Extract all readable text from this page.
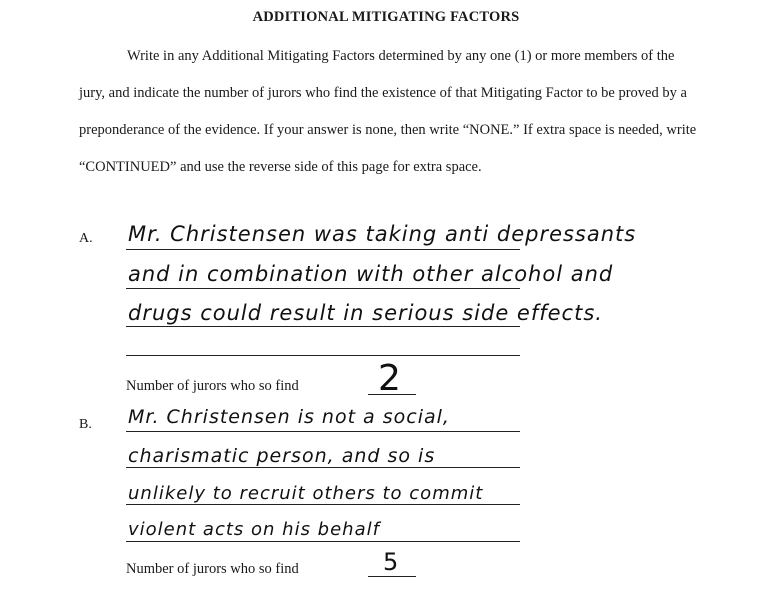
ADDITIONAL MITIGATING FACTORS

Write in any Additional Mitigating Factors determined by any one (1) or more members of the jury, and indicate the number of jurors who find the existence of that Mitigating Factor to be proved by a preponderance of the evidence. If your answer is none, then write “NONE.” If extra space is needed, write “CONTINUED” and use the reverse side of this page for extra space.

A. Mr. Christensen was taking anti depressants
and in combination with other alcohol and
drugs could result in serious side effects.
Number of jurors who so find 2
B. Mr. Christensen is not a social,
charismatic person, and so is
unlikely to recruit others to commit
violent acts on his behalf
Number of jurors who so find	5
